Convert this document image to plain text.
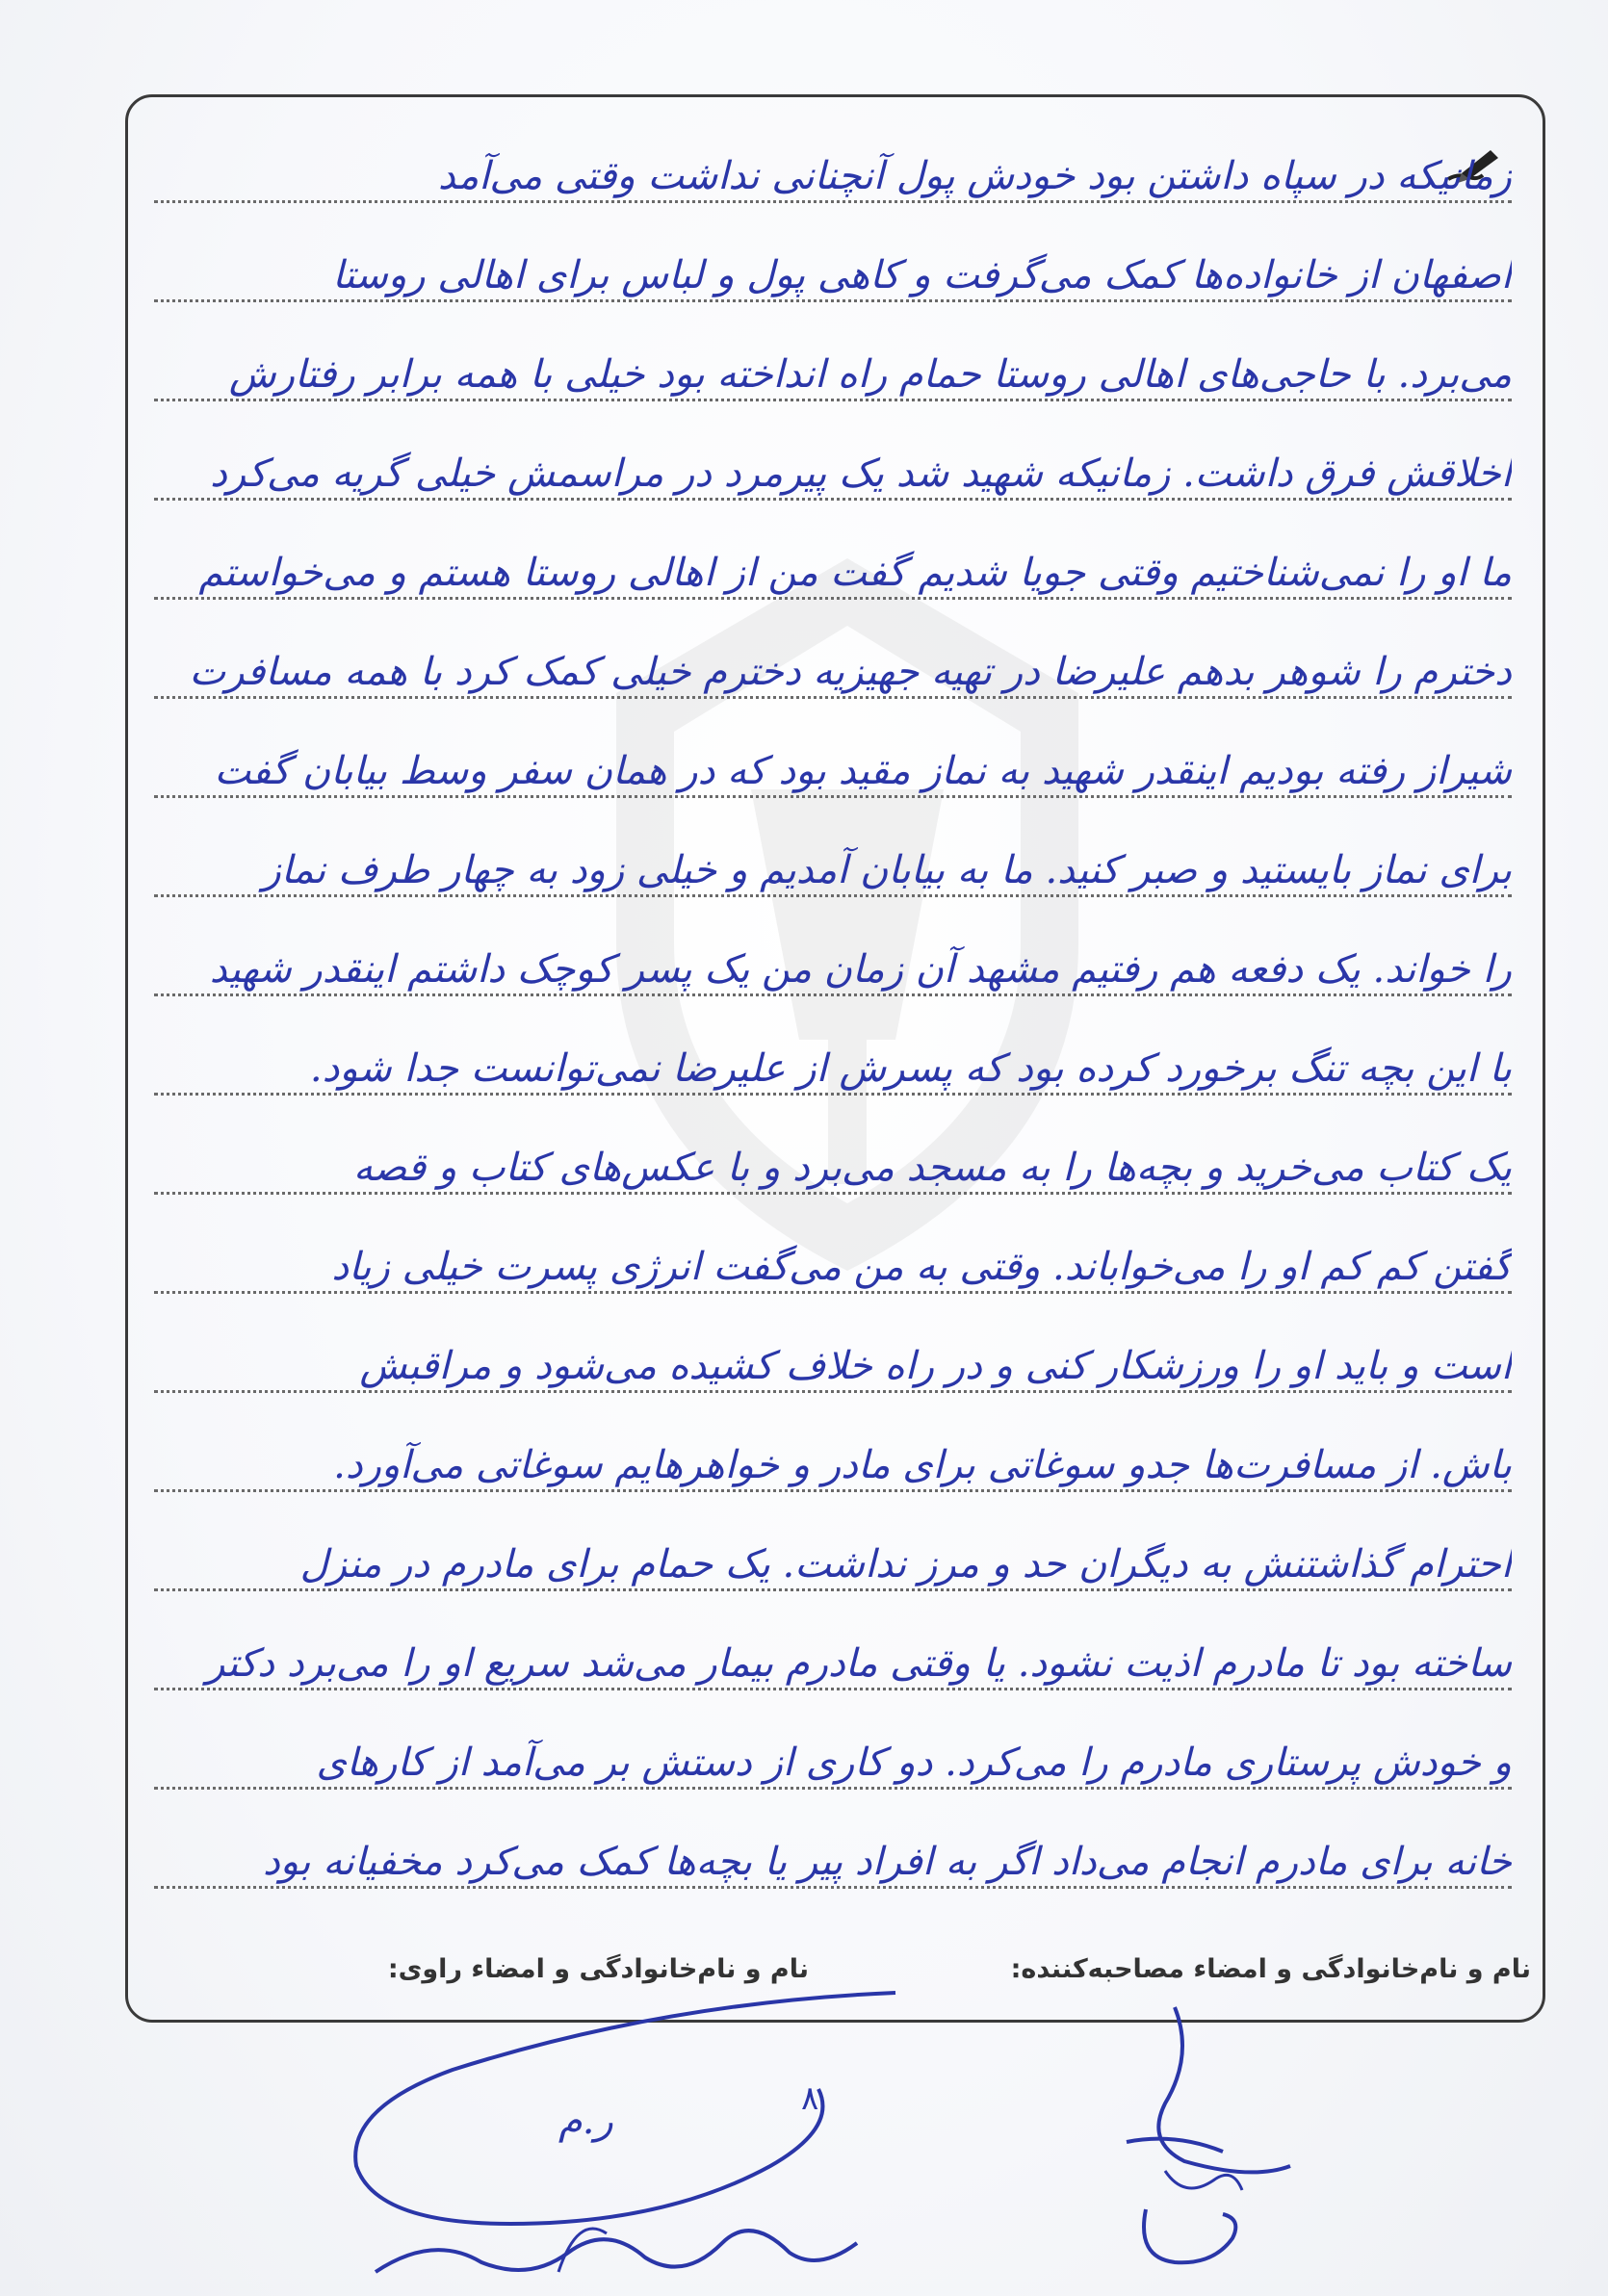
زمانیکه در سپاه داشتن بود خودش پول آنچنانی نداشت وقتی می‌آمد
اصفهان از خانواده‌ها کمک می‌گرفت و کاهی پول و لباس برای اهالی روستا
می‌برد. با حاجی‌های اهالی روستا حمام راه انداخته بود خیلی با همه برابر رفتارش
اخلاقش فرق داشت. زمانیکه شهید شد یک پیرمرد در مراسمش خیلی گریه می‌کرد
ما او را نمی‌شناختیم وقتی جویا شدیم گفت من از اهالی روستا هستم و می‌خواستم
دخترم را شوهر بدهم علیرضا در تهیه جهیزیه دخترم خیلی کمک کرد با همه مسافرت
شیراز رفته بودیم اینقدر شهید به نماز مقید بود که در همان سفر وسط بیابان گفت
برای نماز بایستید و صبر کنید. ما به بیابان آمدیم و خیلی زود به چهار طرف نماز
را خواند. یک دفعه هم رفتیم مشهد آن زمان من یک پسر کوچک داشتم اینقدر شهید
با این بچه تنگ برخورد کرده بود که پسرش از علیرضا نمی‌توانست جدا شود.
یک کتاب می‌خرید و بچه‌ها را به مسجد می‌برد و با عکس‌های کتاب و قصه
گفتن کم کم او را می‌خواباند. وقتی به من می‌گفت انرژی پسرت خیلی زیاد
است و باید او را ورزشکار کنی و در راه خلاف کشیده می‌شود و مراقبش
باش. از مسافرت‌ها جدو سوغاتی برای مادر و خواهرهایم سوغاتی می‌آورد.
احترام گذاشتنش به دیگران حد و مرز نداشت. یک حمام برای مادرم در منزل
ساخته بود تا مادرم اذیت نشود. یا وقتی مادرم بیمار می‌شد سریع او را می‌برد دکتر
و خودش پرستاری مادرم را می‌کرد. دو کاری از دستش بر می‌آمد از کارهای
خانه برای مادرم انجام می‌داد اگر به افراد پیر یا بچه‌ها کمک می‌کرد مخفیانه بود
نام و نام‌خانوادگی و امضاء مصاحبه‌کننده:
نام و نام‌خانوادگی و امضاء راوی:
۸
ر.م
